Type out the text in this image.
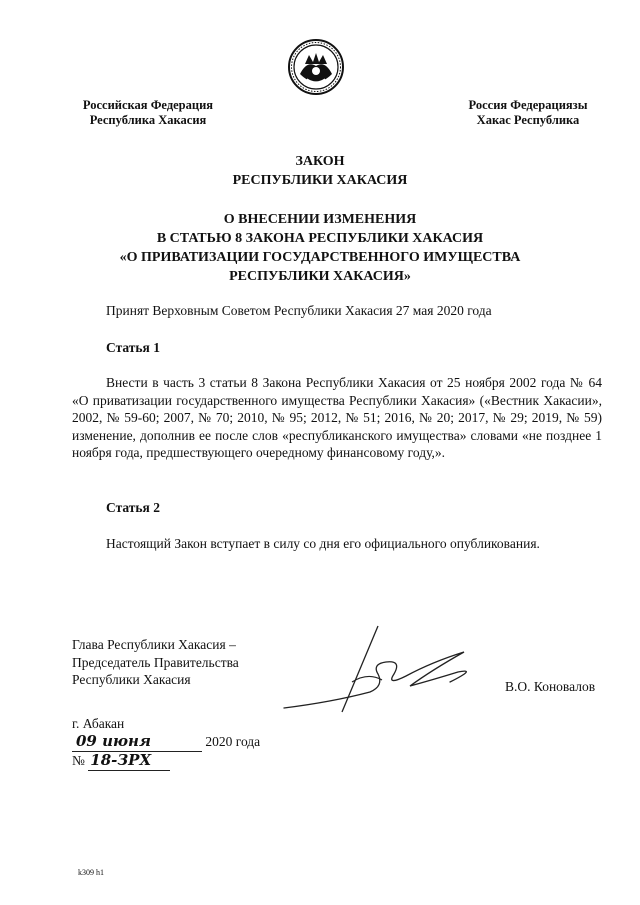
Российская Федерация
Республика Хакасия
Россия Федерациязы
Хакас Республика
ЗАКОН
РЕСПУБЛИКИ ХАКАСИЯ
О ВНЕСЕНИИ ИЗМЕНЕНИЯ
В СТАТЬЮ 8 ЗАКОНА РЕСПУБЛИКИ ХАКАСИЯ
«О ПРИВАТИЗАЦИИ ГОСУДАРСТВЕННОГО ИМУЩЕСТВА
РЕСПУБЛИКИ ХАКАСИЯ»
Принят Верховным Советом Республики Хакасия 27 мая 2020 года
Статья 1
Внести в часть 3 статьи 8 Закона Республики Хакасия от 25 ноября 2002 года № 64 «О приватизации государственного имущества Республики Хакасия» («Вестник Хакасии», 2002, № 59-60; 2007, № 70; 2010, № 95; 2012, № 51; 2016, № 20; 2017, № 29; 2019, № 59) изменение, дополнив ее после слов «республиканского имущества» словами «не позднее 1 ноября года, предшествующего очередному финансовому году,».
Статья 2
Настоящий Закон вступает в силу со дня его официального опубликования.
Глава Республики Хакасия –
Председатель Правительства
Республики Хакасия	В.О. Коновалов
г. Абакан
09 июня	2020 года
№ 18-ЗРХ
k309 h1
